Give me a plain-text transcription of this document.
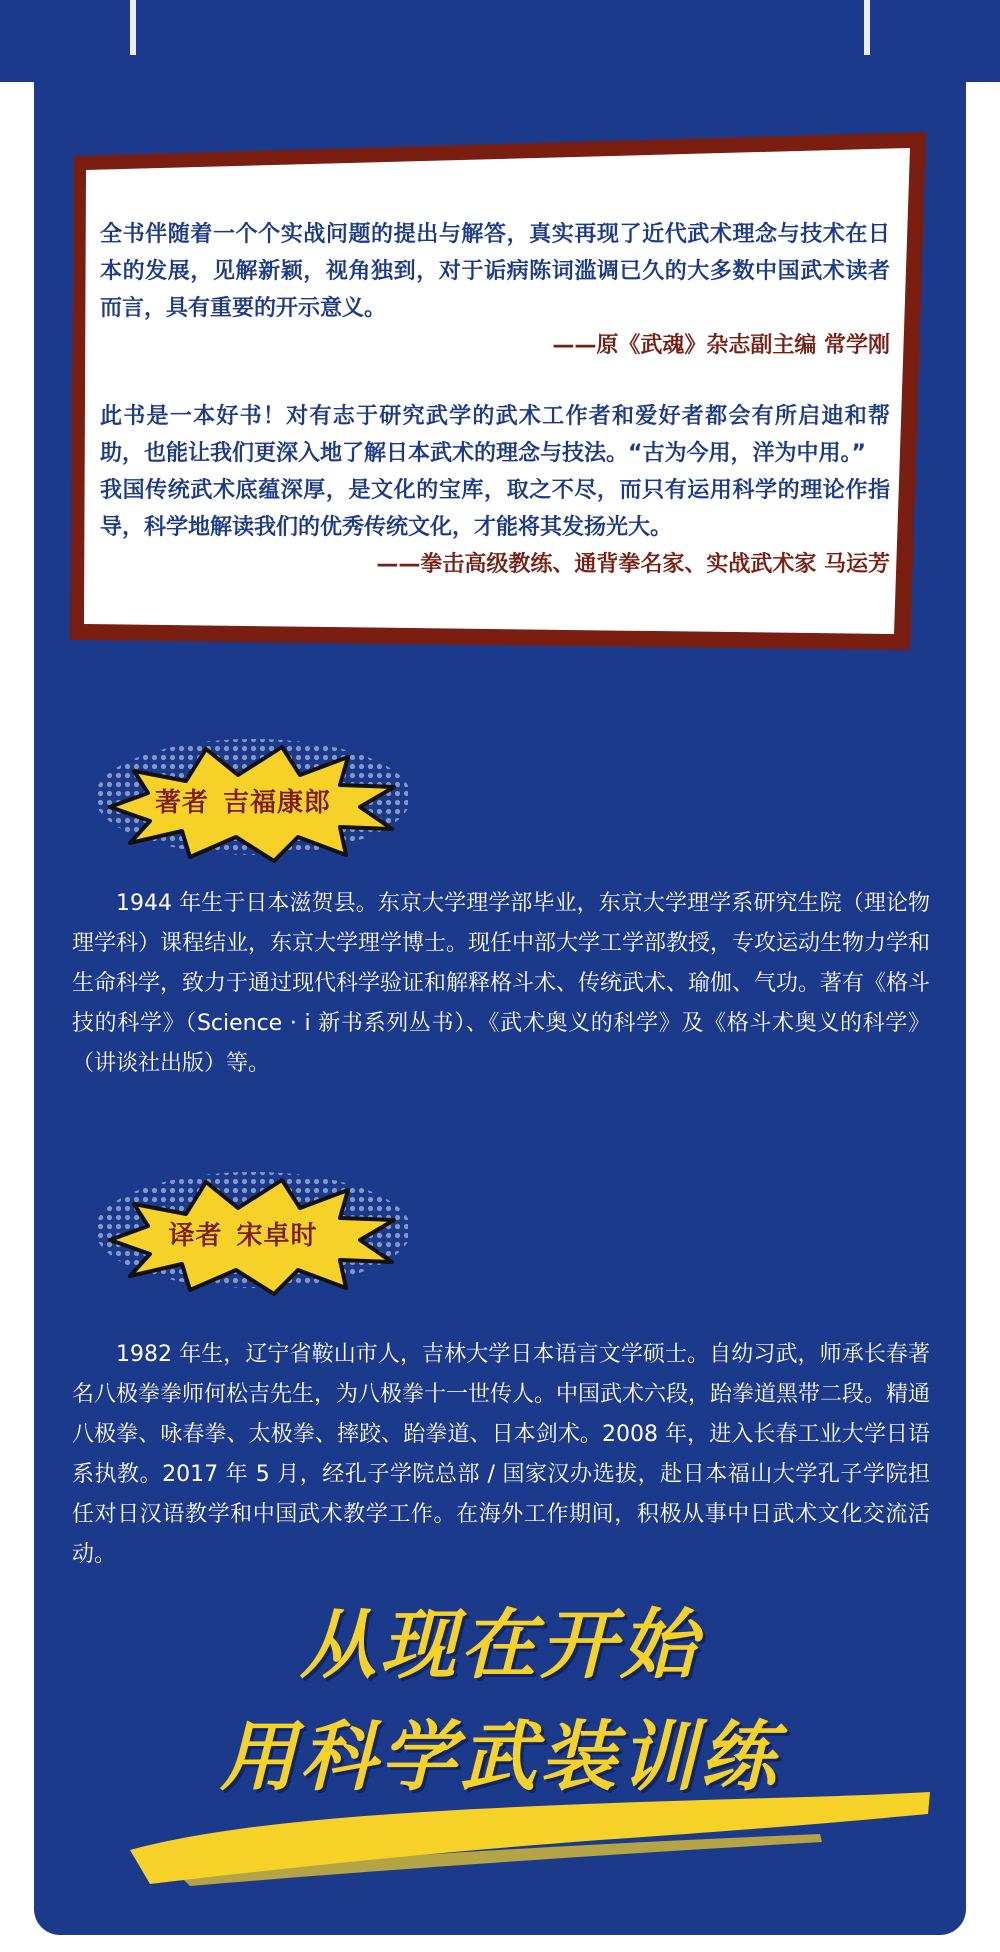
全书伴随着一个个实战问题的提出与解答，真实再现了近代武术理念与技术在日本的发展，见解新颖，视角独到，对于诟病陈词滥调已久的大多数中国武术读者而言，具有重要的开示意义。

——原《武魂》杂志副主编 常学刚

此书是一本好书！对有志于研究武学的武术工作者和爱好者都会有所启迪和帮助，也能让我们更深入地了解日本武术的理念与技法。“古为今用，洋为中用。”

我国传统武术底蕴深厚，是文化的宝库，取之不尽，而只有运用科学的理论作指导，科学地解读我们的优秀传统文化，才能将其发扬光大。

——拳击高级教练、通背拳名家、实战武术家 马运芳

著者 吉福康郎
1944 年生于日本滋贺县。东京大学理学部毕业，东京大学理学系研究生院（理论物理学科）课程结业，东京大学理学博士。现任中部大学工学部教授，专攻运动生物力学和生命科学，致力于通过现代科学验证和解释格斗术、传统武术、瑜伽、气功。著有《格斗技的科学》（Science · i 新书系列丛书）、《武术奥义的科学》及《格斗术奥义的科学》（讲谈社出版）等。
译者 宋卓时
1982 年生，辽宁省鞍山市人，吉林大学日本语言文学硕士。自幼习武，师承长春著名八极拳拳师何松吉先生，为八极拳十一世传人。中国武术六段，跆拳道黑带二段。精通八极拳、咏春拳、太极拳、摔跤、跆拳道、日本剑术。2008 年，进入长春工业大学日语系执教。2017 年 5 月，经孔子学院总部 / 国家汉办选拔，赴日本福山大学孔子学院担任对日汉语教学和中国武术教学工作。在海外工作期间，积极从事中日武术文化交流活动。
从现在开始
用科学武装训练
